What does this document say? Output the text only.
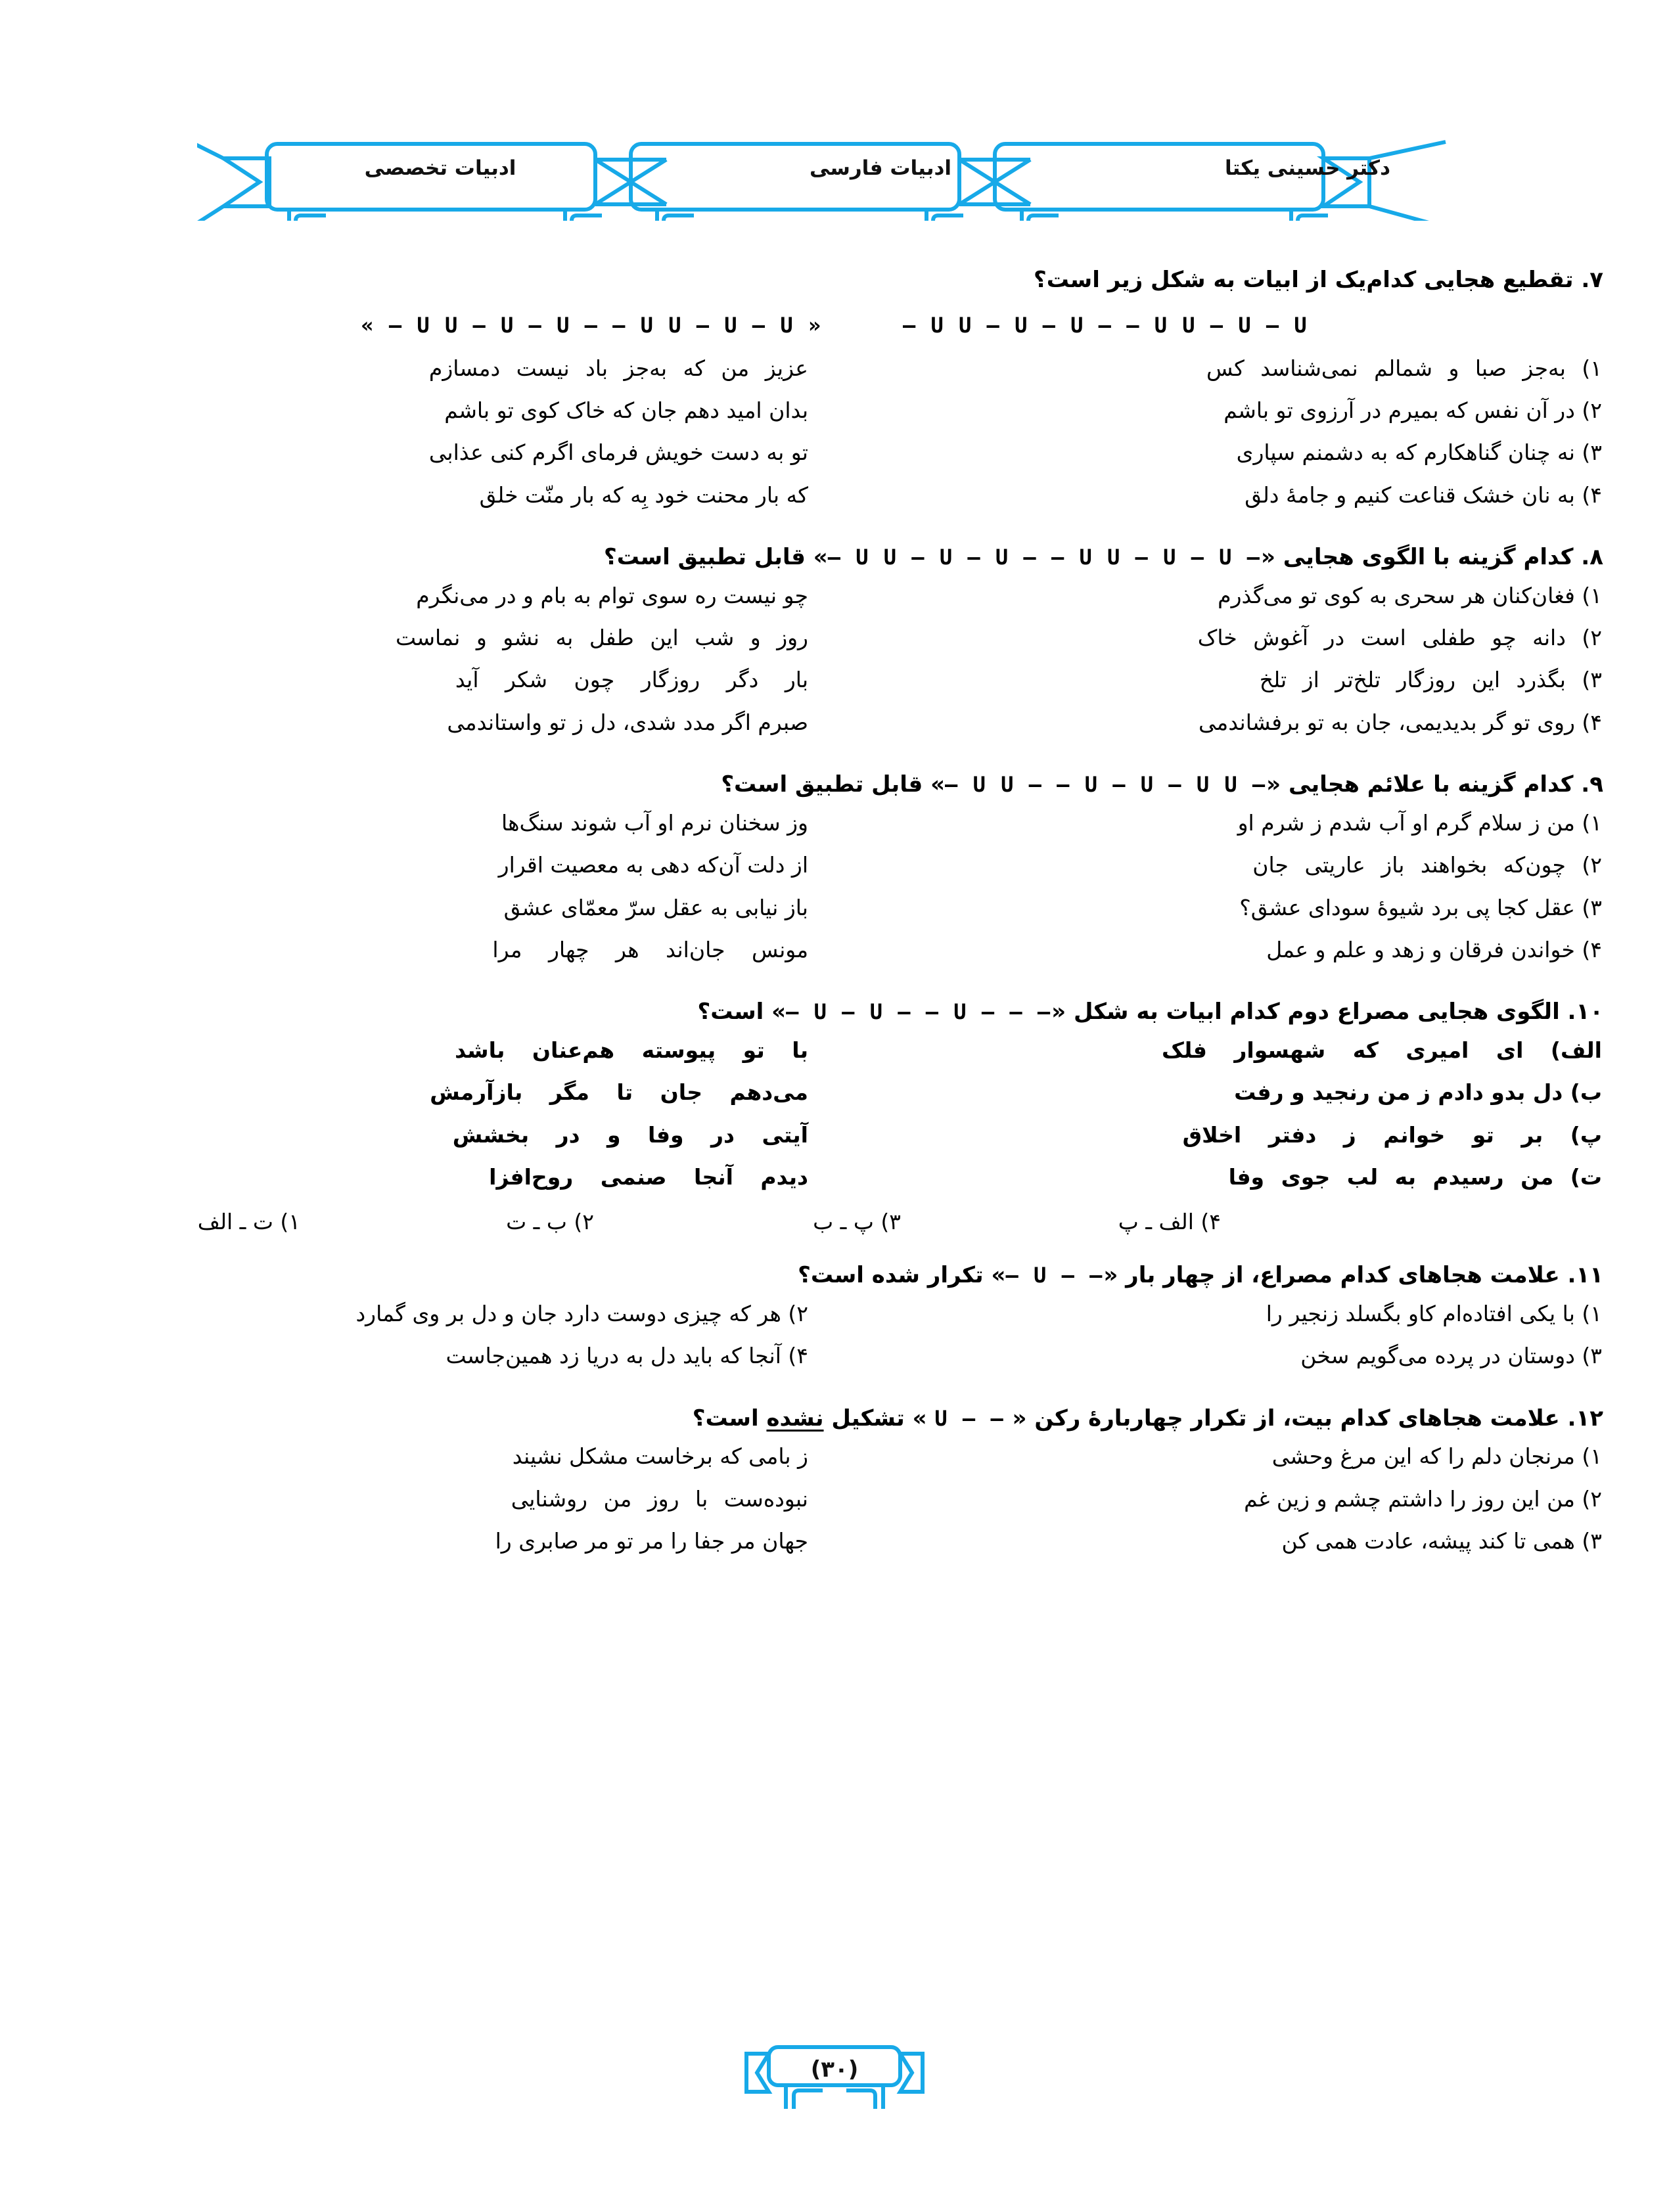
دکتر حسینی یکتا
ادبیات فارسی
ادبیات تخصصی
۷. تقطیع هجایی کدام‌یک از ابیات به شکل زیر است؟
– U U – U – U – – U U – U – U « – U U – U – U – – U U – U – U »
۱) به‌جز صبا و شمالم نمی‌شناسد کس
عزیز من که به‌جز باد نیست دمسازم
۲) در آن نفس که بمیرم در آرزوی تو باشم
بدان امید دهم جان که خاک کوی تو باشم
۳) نه چنان گناهکارم که به دشمنم سپاری
تو به دست خویش فرمای اگرم کنی عذابی
۴) به نان خشک قناعت کنیم و جامهٔ دلق
که بار محنت خود بِه که بار منّت خلق
۸. کدام گزینه با الگوی هجایی «– U U – U – U – – U U – U – U –» قابل تطبیق است؟
۱) فغان‌کنان هر سحری به کوی تو می‌گذرم
چو نیست ره سوی توام به بام و در می‌نگرم
۲) دانه چو طفلی است در آغوش خاک
روز و شب این طفل به نشو و نماست
۳) بگذرد این روزگار تلخ‌تر از تلخ
بار دگر روزگار چون شکر آید
۴) روی تو گر بدیدیمی، جان به تو برفشاندمی
صبرم اگر مدد شدی، دل ز تو واستاندمی
۹. کدام گزینه با علائم هجایی «– U U – – U – U – U U –» قابل تطبیق است؟
۱) من ز سلام گرم او آب شدم ز شرم او
وز سخنان نرم او آب شوند سنگ‌ها
۲) چون‌که بخواهند باز عاریتی جان
از دلت آن‌که دهی به معصیت اقرار
۳) عقل کجا پی برد شیوهٔ سودای عشق؟
باز نیابی به عقل سرّ معمّای عشق
۴) خواندن فرقان و زهد و علم و عمل
مونس جان‌اند هر چهار مرا
۱۰. الگوی هجایی مصراع دوم کدام ابیات به شکل «– U – U – – U – – –» است؟
الف) ای امیری که شهسوار فلک
با تو پیوسته هم‌عنان باشد
ب) دل بدو دادم ز من رنجید و رفت
می‌دهم جان تا مگر بازآرمش
پ) بر تو خوانم ز دفتر اخلاق
آیتی در وفا و در بخشش
ت) من رسیدم به لب جوی وفا
دیدم آنجا صنمی روح‌افزا
۴) الف ـ پ
۳) پ ـ ب
۲) ب ـ ت
۱) ت ـ الف
۱۱. علامت هجاهای کدام مصراع، از چهار بار «– U – –» تکرار شده است؟
۱) با یکی افتاده‌ام کاو بگسلد زنجیر را
۲) هر که چیزی دوست دارد جان و دل بر وی گمارد
۳) دوستان در پرده می‌گویم سخن
۴) آنجا که باید دل به دریا زد همین‌جاست
۱۲. علامت هجاهای کدام بیت، از تکرار چهاربارهٔ رکن « U – – » تشکیل نشده است؟
۱) مرنجان دلم را که این مرغ وحشی
ز بامی که برخاست مشکل نشیند
۲) من این روز را داشتم چشم و زین غم
نبوده‌ست با روز من روشنایی
۳) همی تا کند پیشه، عادت همی کن
جهان مر جفا را مر تو مر صابری را
(۳۰)
